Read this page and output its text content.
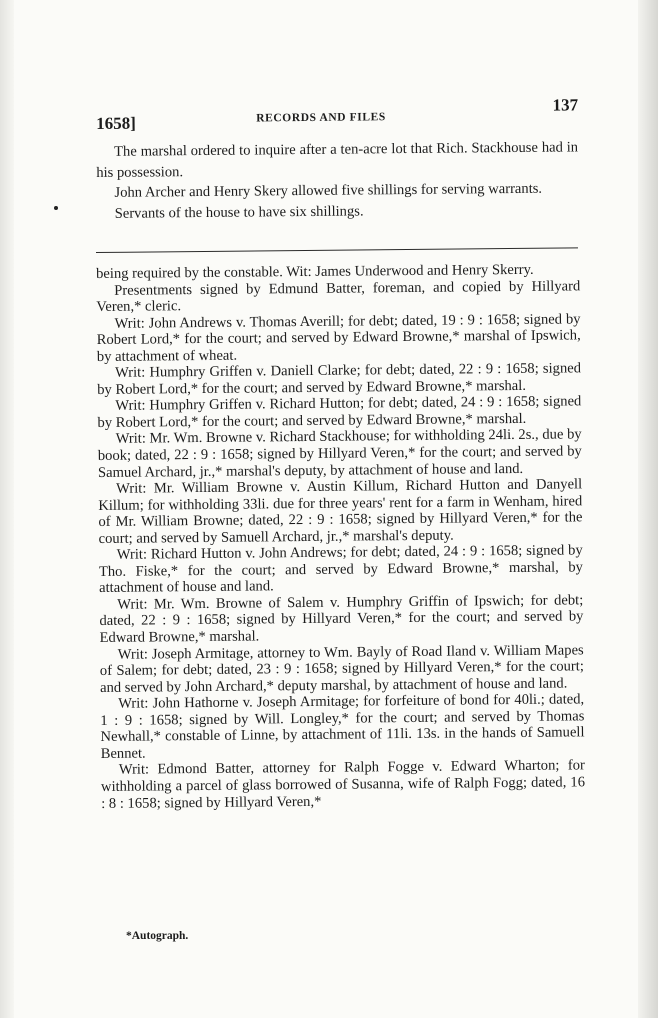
1658]	RECORDS AND FILES
137

The marshal ordered to inquire after a ten-acre lot that Rich. Stackhouse had in his possession.

John Archer and Henry Skery allowed five shillings for serving warrants.

Servants of the house to have six shillings.

being required by the constable. Wit: James Underwood and Henry Skerry.

Presentments signed by Edmund Batter, foreman, and copied by Hillyard Veren,* cleric.

Writ: John Andrews v. Thomas Averill; for debt; dated, 19 : 9 : 1658; signed by Robert Lord,* for the court; and served by Edward Browne,* marshal of Ipswich, by attachment of wheat.

Writ: Humphry Griffen v. Daniell Clarke; for debt; dated, 22 : 9 : 1658; signed by Robert Lord,* for the court; and served by Edward Browne,* marshal.

Writ: Humphry Griffen v. Richard Hutton; for debt; dated, 24 : 9 : 1658; signed by Robert Lord,* for the court; and served by Edward Browne,* marshal.

Writ: Mr. Wm. Browne v. Richard Stackhouse; for withholding 24li. 2s., due by book; dated, 22 : 9 : 1658; signed by Hillyard Veren,* for the court; and served by Samuel Archard, jr.,* marshal's deputy, by attachment of house and land.

Writ: Mr. William Browne v. Austin Killum, Richard Hutton and Danyell Killum; for withholding 33li. due for three years' rent for a farm in Wenham, hired of Mr. William Browne; dated, 22 : 9 : 1658; signed by Hillyard Veren,* for the court; and served by Samuell Archard, jr.,* marshal's deputy.

Writ: Richard Hutton v. John Andrews; for debt; dated, 24 : 9 : 1658; signed by Tho. Fiske,* for the court; and served by Edward Browne,* marshal, by attachment of house and land.

Writ: Mr. Wm. Browne of Salem v. Humphry Griffin of Ipswich; for debt; dated, 22 : 9 : 1658; signed by Hillyard Veren,* for the court; and served by Edward Browne,* marshal.

Writ: Joseph Armitage, attorney to Wm. Bayly of Road Iland v. William Mapes of Salem; for debt; dated, 23 : 9 : 1658; signed by Hillyard Veren,* for the court; and served by John Archard,* deputy marshal, by attachment of house and land.

Writ: John Hathorne v. Joseph Armitage; for forfeiture of bond for 40li.; dated, 1 : 9 : 1658; signed by Will. Longley,* for the court; and served by Thomas Newhall,* constable of Linne, by attachment of 11li. 13s. in the hands of Samuell Bennet.

Writ: Edmond Batter, attorney for Ralph Fogge v. Edward Wharton; for withholding a parcel of glass borrowed of Susanna, wife of Ralph Fogg; dated, 16 : 8 : 1658; signed by Hillyard Veren,*

*Autograph.
